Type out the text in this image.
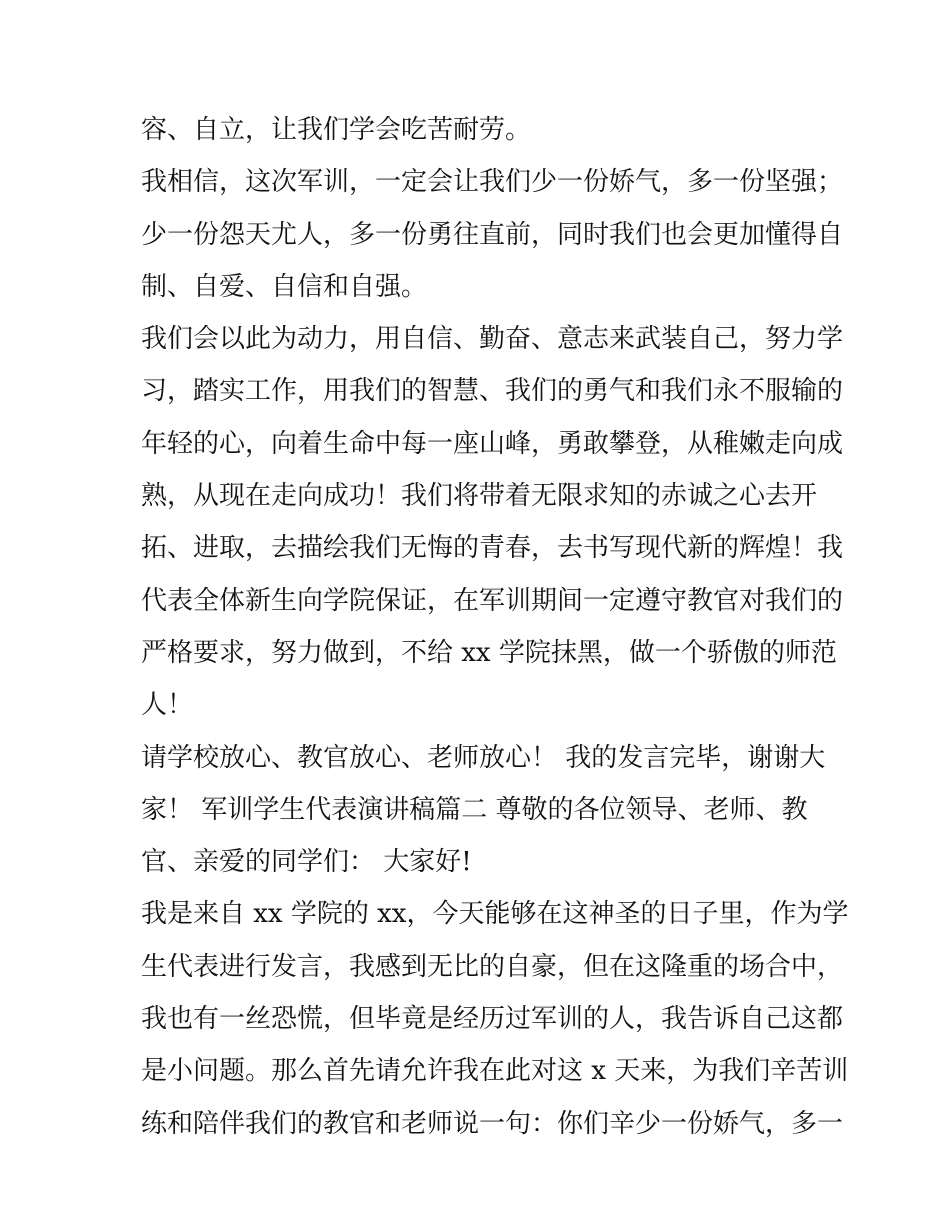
容、自立，让我们学会吃苦耐劳。
我相信，这次军训，一定会让我们少一份娇气，多一份坚强；
少一份怨天尤人，多一份勇往直前，同时我们也会更加懂得自
制、自爱、自信和自强。
我们会以此为动力，用自信、勤奋、意志来武装自己，努力学
习，踏实工作，用我们的智慧、我们的勇气和我们永不服输的
年轻的心，向着生命中每一座山峰，勇敢攀登，从稚嫩走向成
熟，从现在走向成功！我们将带着无限求知的赤诚之心去开
拓、进取，去描绘我们无悔的青春，去书写现代新的辉煌！我
代表全体新生向学院保证，在军训期间一定遵守教官对我们的
严格要求，努力做到，不给 xx 学院抹黑，做一个骄傲的师范
人！
请学校放心、教官放心、老师放心！ 我的发言完毕，谢谢大
家！ 军训学生代表演讲稿篇二 尊敬的各位领导、老师、教
官、亲爱的同学们： 大家好!
我是来自 xx 学院的 xx，今天能够在这神圣的日子里，作为学
生代表进行发言，我感到无比的自豪，但在这隆重的场合中，
我也有一丝恐慌，但毕竟是经历过军训的人，我告诉自己这都
是小问题。那么首先请允许我在此对这 x 天来，为我们辛苦训
练和陪伴我们的教官和老师说一句：你们辛少一份娇气，多一
